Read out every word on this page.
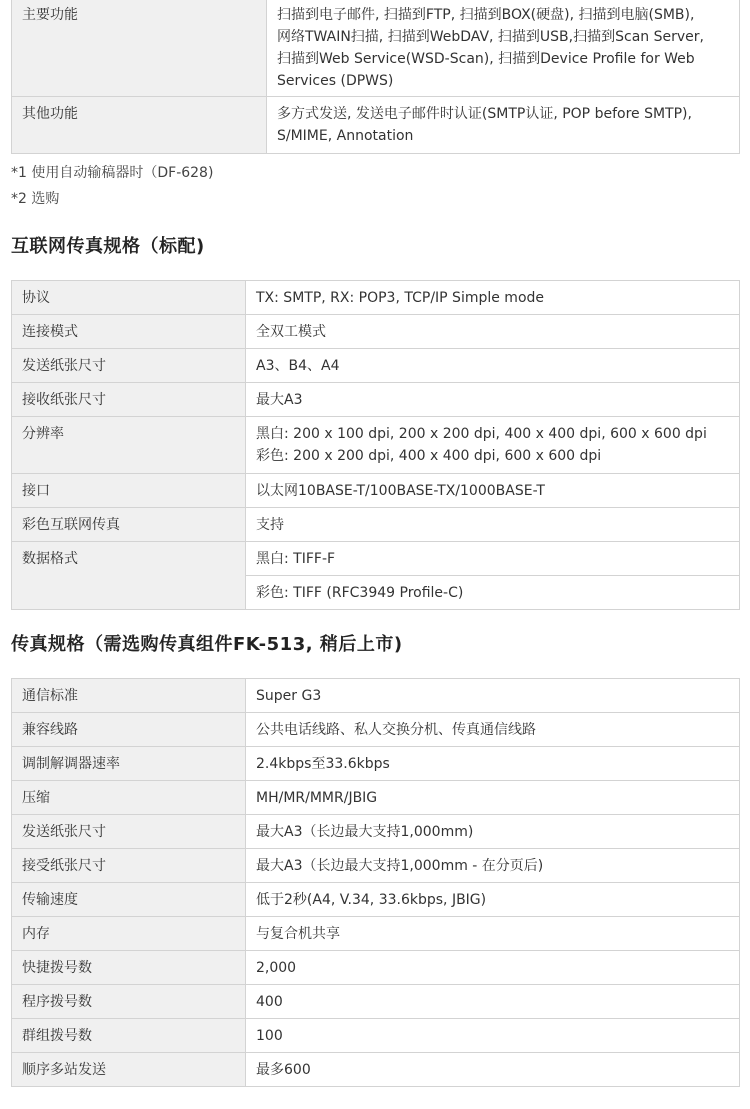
主要功能	扫描到电子邮件, 扫描到FTP, 扫描到BOX(硬盘), 扫描到电脑(SMB),
网络TWAIN扫描, 扫描到WebDAV, 扫描到USB,扫描到Scan Server,
扫描到Web Service(WSD-Scan), 扫描到Device Profile for Web
Services (DPWS)

其他功能	多方式发送, 发送电子邮件时认证(SMTP认证, POP before SMTP),
S/MIME, Annotation
*1 使用自动输稿器时（DF-628)
*2 选购
互联网传真规格（标配)
协议	TX: SMTP, RX: POP3, TCP/IP Simple mode
连接模式	全双工模式
发送纸张尺寸	A3、B4、A4
接收纸张尺寸	最大A3
分辨率	黑白: 200 x 100 dpi, 200 x 200 dpi, 400 x 400 dpi, 600 x 600 dpi
彩色: 200 x 200 dpi, 400 x 400 dpi, 600 x 600 dpi

接口	以太网10BASE-T/100BASE-TX/1000BASE-T
彩色互联网传真	支持
数据格式	黑白: TIFF-F
	彩色: TIFF (RFC3949 Profile-C)
传真规格（需选购传真组件FK-513, 稍后上市)
通信标准	Super G3
兼容线路	公共电话线路、私人交换分机、传真通信线路
调制解调器速率	2.4kbps至33.6kbps
压缩	MH/MR/MMR/JBIG
发送纸张尺寸	最大A3（长边最大支持1,000mm)
接受纸张尺寸	最大A3（长边最大支持1,000mm - 在分页后)
传输速度	低于2秒(A4, V.34, 33.6kbps, JBIG)
内存	与复合机共享
快捷拨号数	2,000
程序拨号数	400
群组拨号数	100
顺序多站发送	最多600
